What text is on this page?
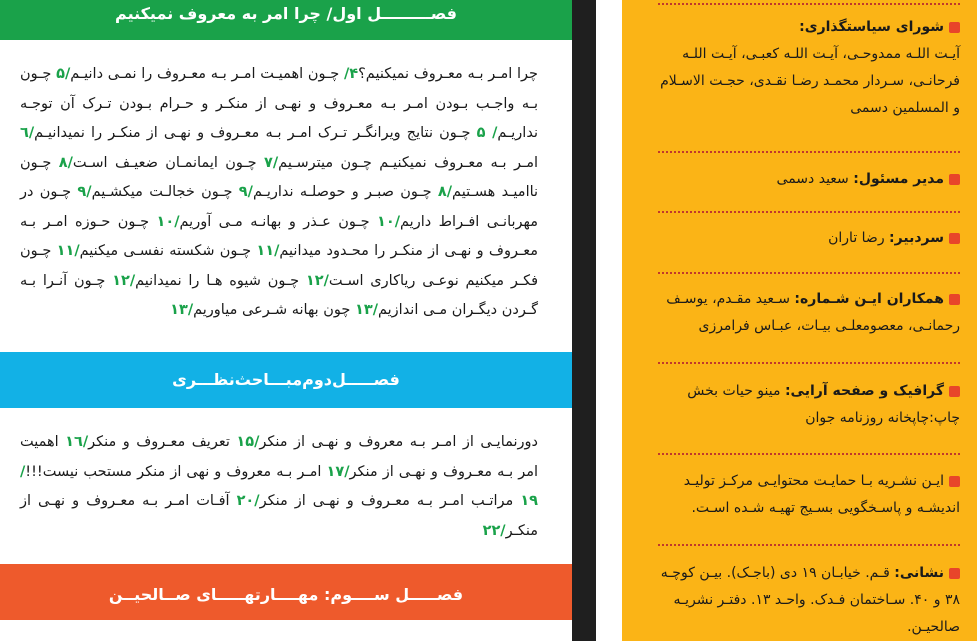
فصـــــــــل اول/ چرا امر به معروف نمیکنیم
چرا امـر بـه معـروف نمیکنیم؟۴/ چـون اهمیـت امـر بـه معـروف را نمـی دانیـم/۵ چـون بـه واجـب بـودن امـر بـه معـروف و نهـی از منکـر و حـرام بـودن تـرک آن توجـه نداریـم/ ۵ چـون نتایج ویرانگـر تـرک امـر بـه معـروف و نهـی از منکـر را نمیدانیـم/٦ امـر بـه معـروف نمیکنیـم چـون میترسـیم/۷ چـون ایمانمـان ضعیـف اسـت/۸ چـون ناامیـد هسـتیم/۸ چـون صبـر و حوصلـه نداریـم/۹ چـون خجالـت میکشـیم/۹ چـون در مهربانـی افـراط داریم/۱۰ چـون عـذر و بهانـه مـی آوریم/۱۰ چـون حـوزه امـر بـه معـروف و نهـی از منکـر را محـدود میدانیم/۱۱ چـون شکسته نفسـی میکنیم/۱۱ چـون فکـر میکنیم نوعـی ریاکاری اسـت/۱۲ چـون شیوه هـا را نمیدانیم/۱۲ چـون آنـرا بـه گـردن دیگـران مـی اندازیم/۱۳ چون بهانه شـرعی میاوریم/۱۳
فصـــــل‌دوم‌مبـــاحث‌نظـــری
دورنمایـی از امـر بـه معروف و نهـی از منکر/۱۵ تعریف معـروف و منکر/۱٦ اهمیت امر بـه معـروف و نهـی از منکر/۱۷ امـر بـه معروف و نهی از منکر مستحب نیست!!!/۱۹ مراتـب امـر بـه معـروف و نهـی از منکر/۲۰ آفـات امـر بـه معـروف و نهـی از منکـر/۲۲
فصـــــل ســــوم: مهــــارتهـــــای صــالحیــن
شورای سیاستگذاری:
آیـت اللـه ممدوحـی، آیـت اللـه کعبـی، آیـت اللـه فرحانـی، سـردار محمـد رضـا نقـدی، حجـت الاسـلام و المسلمین دسمی
مدیر مسئول: سعید دسمی
سردبیر: رضا تاران
همکاران ایـن شـماره: سـعید مقـدم، یوسـف رحمانـی، معصومعلـی بیـات، عبـاس فرامرزی
گرافیک و صفحه آرایی: مینو حیات بخش
چاپ:چاپخانه روزنامه جوان
ایـن نشـریه بـا حمایـت محتوایـی مرکـز تولیـد اندیشـه و پاسـخگویی بسـیج تهیـه شـده اسـت.
نشانی: قـم. خیابـان ۱۹ دی (باجـک). بیـن کوچـه ۳۸ و ۴۰. سـاختمان فـدک. واحـد ۱۳. دفتـر نشریـه صالحیـن.
